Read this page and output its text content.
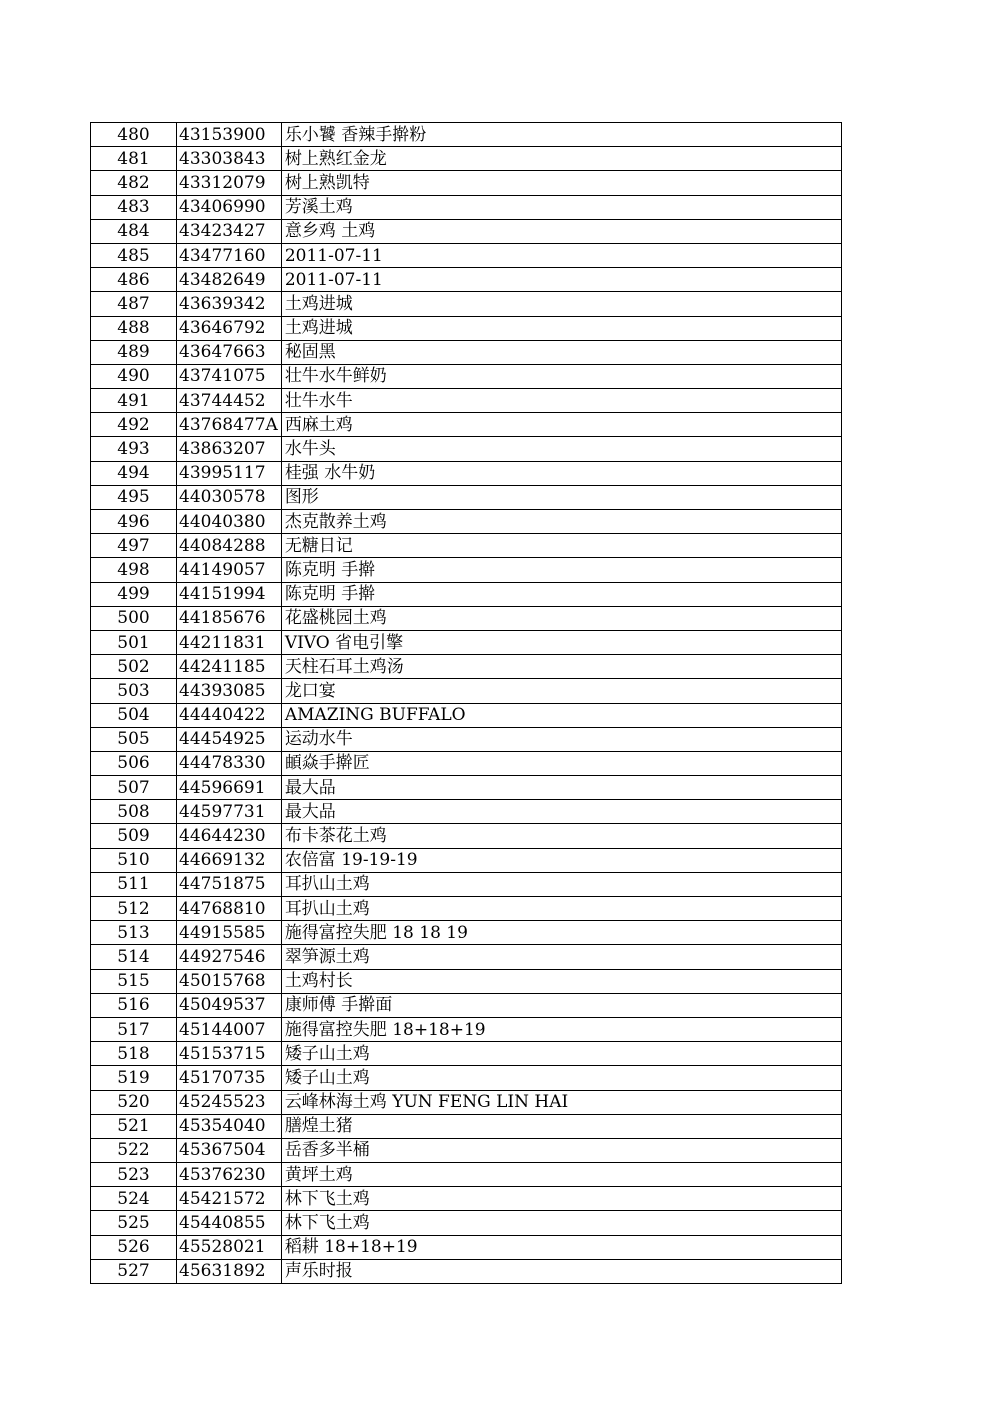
480	43153900	乐小饕 香辣手擀粉
481	43303843	树上熟红金龙
482	43312079	树上熟凯特
483	43406990	芳溪土鸡
484	43423427	意乡鸡 土鸡
485	43477160	2011-07-11
486	43482649	2011-07-11
487	43639342	土鸡进城
488	43646792	土鸡进城
489	43647663	秘固黑
490	43741075	壮牛水牛鲜奶
491	43744452	壮牛水牛
492	43768477A	西麻土鸡
493	43863207	水牛头
494	43995117	桂强 水牛奶
495	44030578	图形
496	44040380	杰克散养土鸡
497	44084288	无糖日记
498	44149057	陈克明 手擀
499	44151994	陈克明 手擀
500	44185676	花盛桃园土鸡
501	44211831	VIVO 省电引擎
502	44241185	天柱石耳土鸡汤
503	44393085	龙口宴
504	44440422	AMAZING BUFFALO
505	44454925	运动水牛
506	44478330	頔焱手擀匠
507	44596691	最大品
508	44597731	最大品
509	44644230	布卡茶花土鸡
510	44669132	农倍富 19-19-19
511	44751875	耳扒山土鸡
512	44768810	耳扒山土鸡
513	44915585	施得富控失肥 18 18 19
514	44927546	翠笋源土鸡
515	45015768	土鸡村长
516	45049537	康师傅 手擀面
517	45144007	施得富控失肥 18+18+19
518	45153715	矮子山土鸡
519	45170735	矮子山土鸡
520	45245523	云峰林海土鸡 YUN FENG LIN HAI
521	45354040	膳煌土猪
522	45367504	岳香多半桶
523	45376230	黄坪土鸡
524	45421572	林下飞土鸡
525	45440855	林下飞土鸡
526	45528021	稻耕 18+18+19
527	45631892	声乐时报
